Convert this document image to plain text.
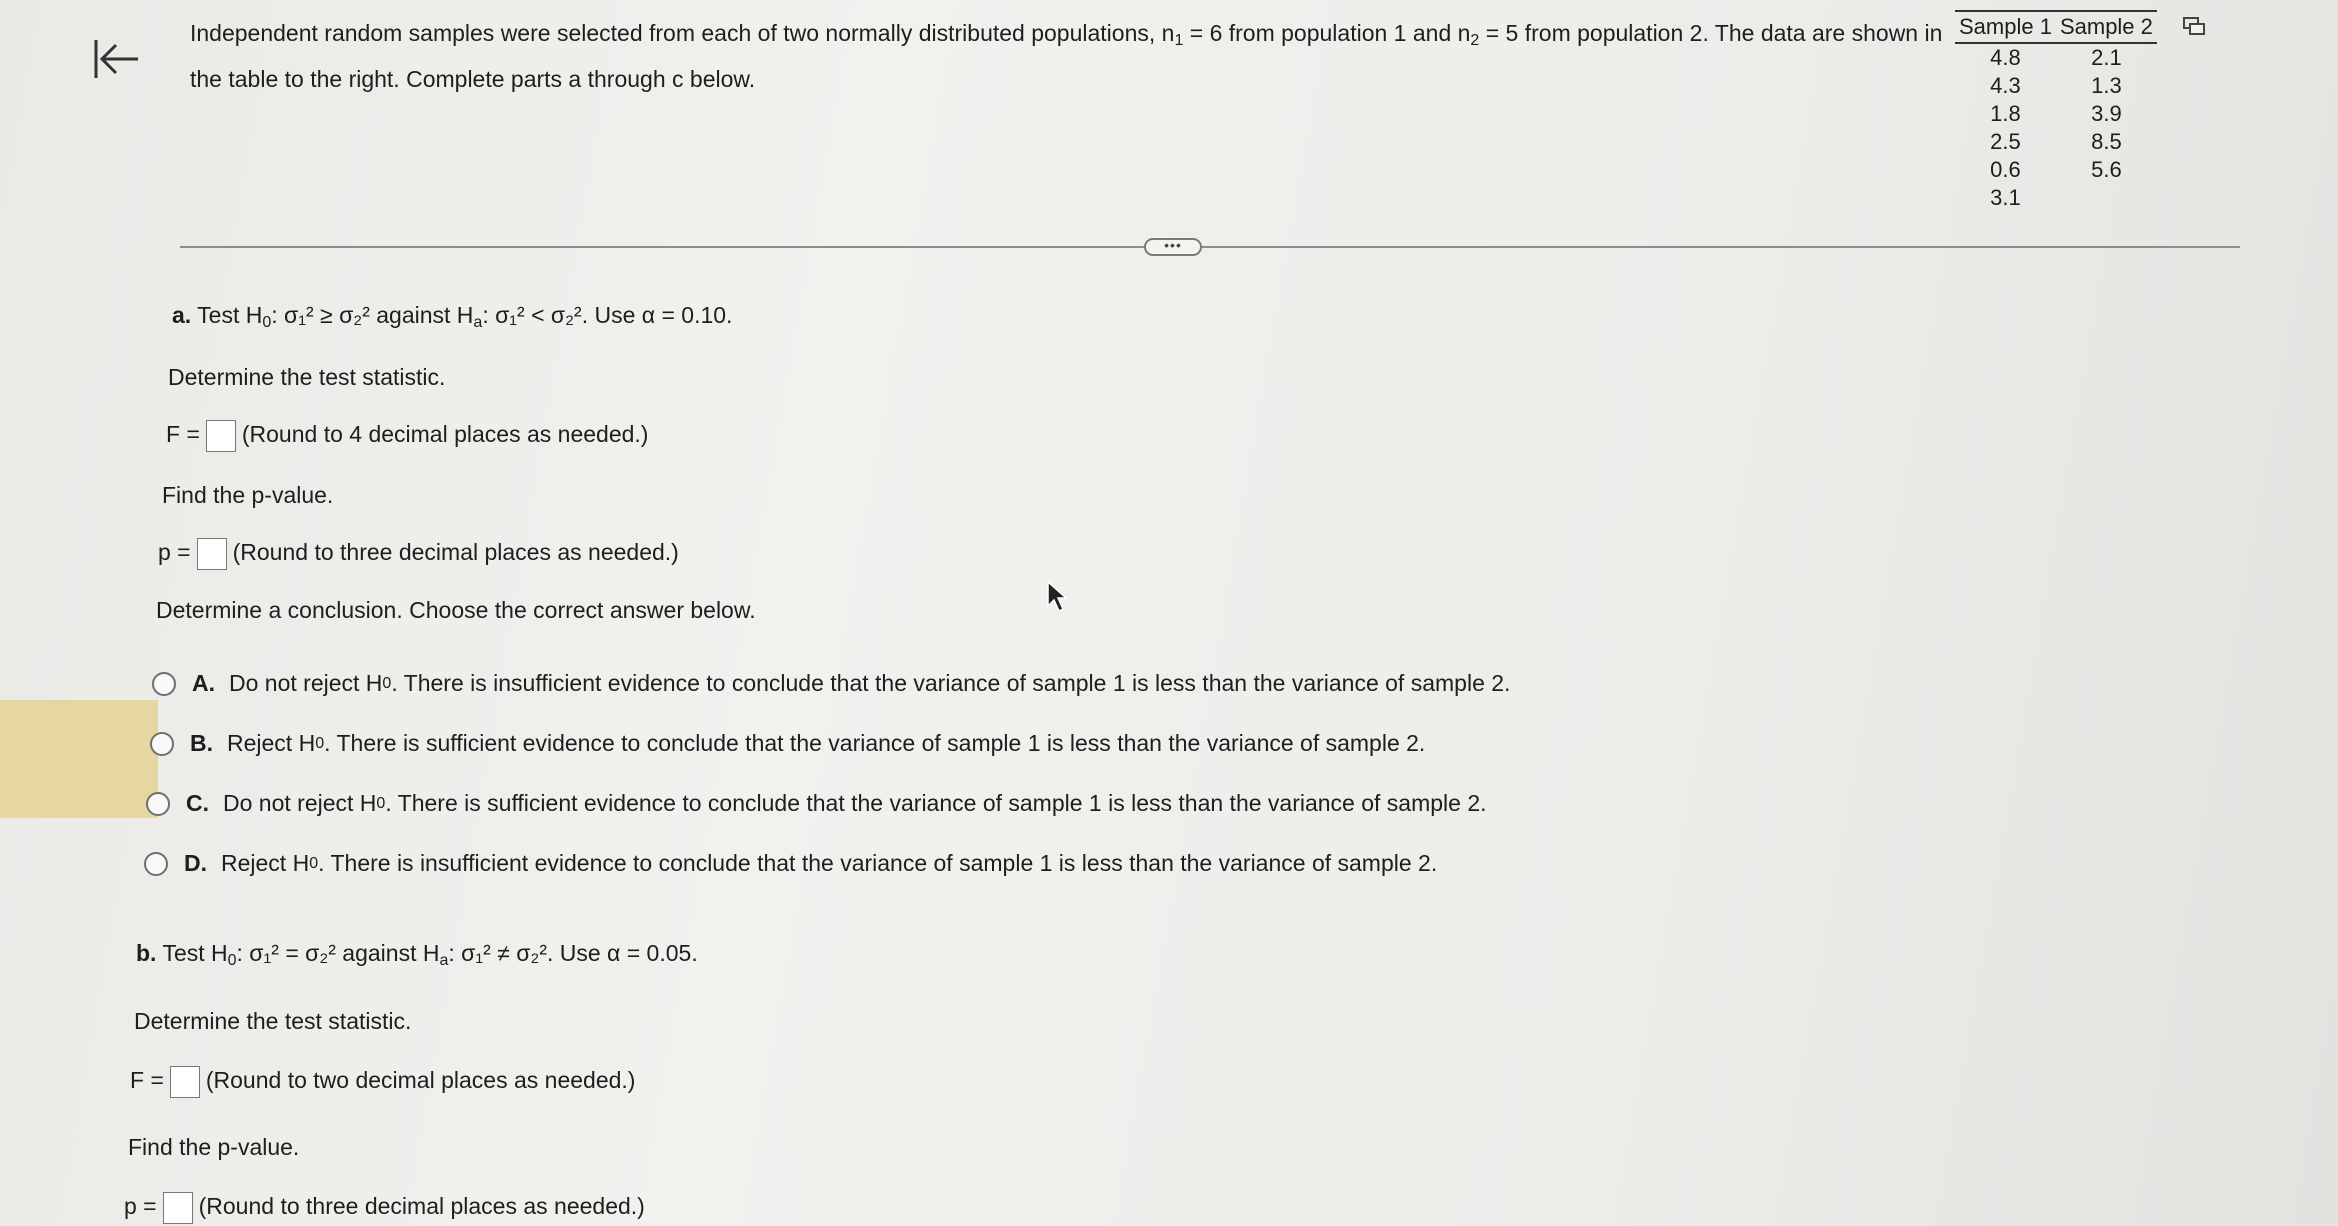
Independent random samples were selected from each of two normally distributed populations, $n_1 = 6$ from population 1 and $n_2 = 5$ from population 2. The data are shown in
the table to the right. Complete parts a through c below.
Sample 1	Sample 2
4.8	2.1
4.3	1.3
1.8	3.9
2.5	8.5
0.6	5.6
3.1	
•••
a. Test $H_0$: σ₁² ≥ σ₂² against $H_a$: σ₁² < σ₂². Use α = 0.10.
Determine the test statistic.
F = (Round to 4 decimal places as needed.)
Find the p-value.
p = (Round to three decimal places as needed.)
Determine a conclusion. Choose the correct answer below.
A. Do not reject H 0 . There is insufficient evidence to conclude that the variance of sample 1 is less than the variance of sample 2.
B. Reject H 0 . There is sufficient evidence to conclude that the variance of sample 1 is less than the variance of sample 2.
C. Do not reject H 0 . There is sufficient evidence to conclude that the variance of sample 1 is less than the variance of sample 2.
D. Reject H 0 . There is insufficient evidence to conclude that the variance of sample 1 is less than the variance of sample 2.
b. Test $H_0$: σ₁² = σ₂² against $H_a$: σ₁² ≠ σ₂². Use α = 0.05.
Determine the test statistic.
F = (Round to two decimal places as needed.)
Find the p-value.
p = (Round to three decimal places as needed.)
